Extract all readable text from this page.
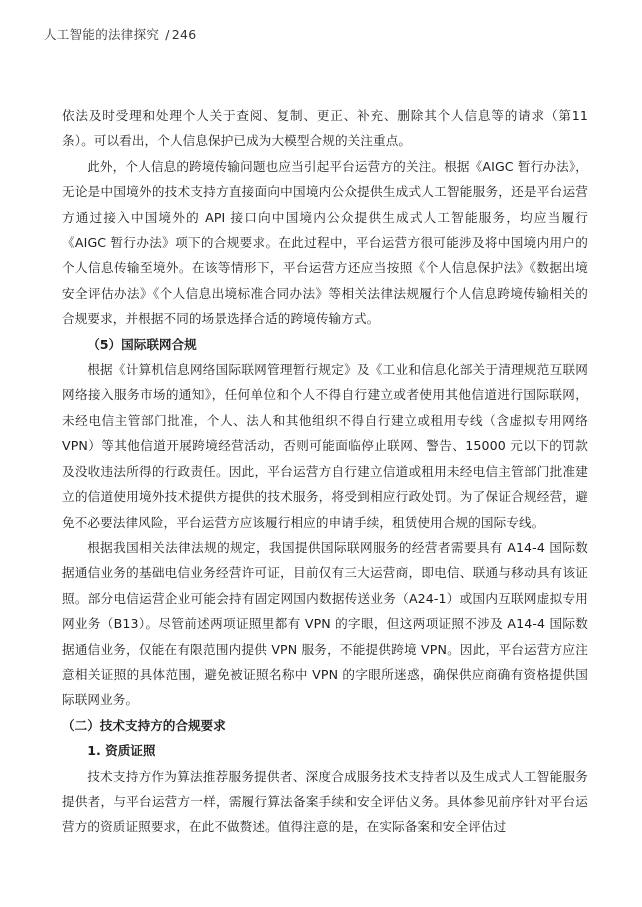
人工智能的法律探究 / 246

依法及时受理和处理个人关于查阅、复制、更正、补充、删除其个人信息等的请求（第11条）。可以看出，个人信息保护已成为大模型合规的关注重点。

此外，个人信息的跨境传输问题也应当引起平台运营方的关注。根据《AIGC 暂行办法》，无论是中国境外的技术支持方直接面向中国境内公众提供生成式人工智能服务，还是平台运营方通过接入中国境外的 API 接口向中国境内公众提供生成式人工智能服务，均应当履行《AIGC 暂行办法》项下的合规要求。在此过程中，平台运营方很可能涉及将中国境内用户的个人信息传输至境外。在该等情形下，平台运营方还应当按照《个人信息保护法》《数据出境安全评估办法》《个人信息出境标准合同办法》等相关法律法规履行个人信息跨境传输相关的合规要求，并根据不同的场景选择合适的跨境传输方式。

（5）国际联网合规

根据《计算机信息网络国际联网管理暂行规定》及《工业和信息化部关于清理规范互联网网络接入服务市场的通知》，任何单位和个人不得自行建立或者使用其他信道进行国际联网，未经电信主管部门批准，个人、法人和其他组织不得自行建立或租用专线（含虚拟专用网络 VPN）等其他信道开展跨境经营活动，否则可能面临停止联网、警告、15000 元以下的罚款及没收违法所得的行政责任。因此，平台运营方自行建立信道或租用未经电信主管部门批准建立的信道使用境外技术提供方提供的技术服务，将受到相应行政处罚。为了保证合规经营，避免不必要法律风险，平台运营方应该履行相应的申请手续，租赁使用合规的国际专线。

根据我国相关法律法规的规定，我国提供国际联网服务的经营者需要具有 A14-4 国际数据通信业务的基础电信业务经营许可证，目前仅有三大运营商，即电信、联通与移动具有该证照。部分电信运营企业可能会持有固定网国内数据传送业务（A24-1）或国内互联网虚拟专用网业务（B13）。尽管前述两项证照里都有 VPN 的字眼，但这两项证照不涉及 A14-4 国际数据通信业务，仅能在有限范围内提供 VPN 服务，不能提供跨境 VPN。因此，平台运营方应注意相关证照的具体范围，避免被证照名称中 VPN 的字眼所迷惑，确保供应商确有资格提供国际联网业务。

（二）技术支持方的合规要求

1. 资质证照

技术支持方作为算法推荐服务提供者、深度合成服务技术支持者以及生成式人工智能服务提供者，与平台运营方一样，需履行算法备案手续和安全评估义务。具体参见前序针对平台运营方的资质证照要求，在此不做赘述。值得注意的是，在实际备案和安全评估过
